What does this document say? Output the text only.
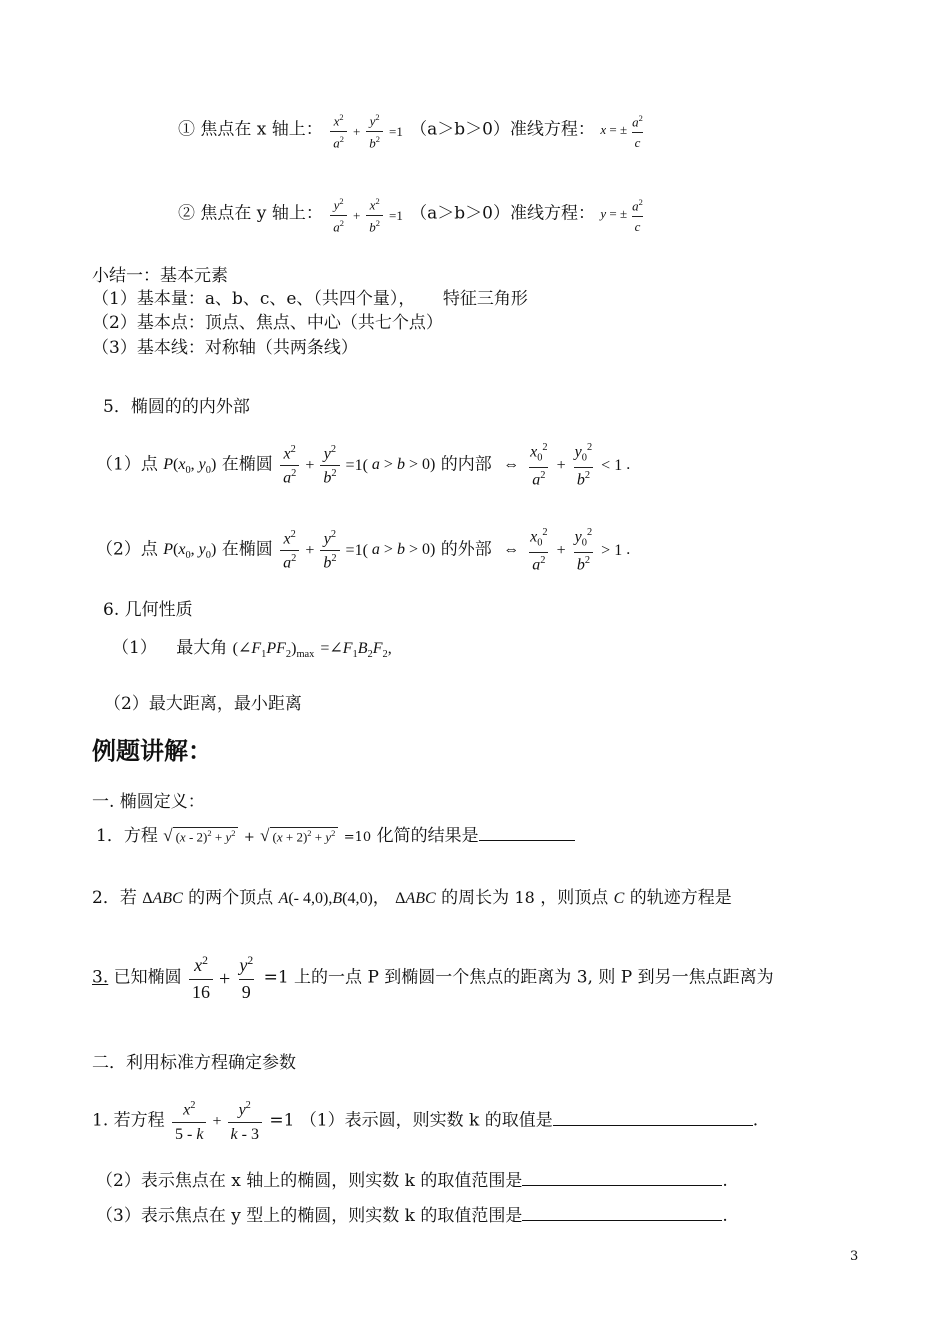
① 焦点在 x 轴上： $\frac{x^2}{a^2} + \frac{y^2}{b^2} =1$ （a＞b＞0）准线方程： x = ± $\frac{a^2}{c}$
② 焦点在 y 轴上： $\frac{y^2}{a^2} + \frac{x^2}{b^2} =1$ （a＞b＞0）准线方程： y = ± $\frac{a^2}{c}$
小结一：基本元素
（1）基本量：a、b、c、e、（共四个量）， 特征三角形
（2）基本点：顶点、焦点、中心（共七个点）
（3）基本线：对称轴（共两条线）
5．椭圆的的内外部
（1）点 $P(x_0$, $y_0$) 在椭圆 $\frac{x^2}{a^2} + \frac{y^2}{b^2} =1$( a > b > 0) 的内部 ⇔ $\frac{x_0^2}{a^2} + \frac{y_0^2}{b^2} < 1$ .
（2）点 $P(x_0$, $y_0$) 在椭圆 $\frac{x^2}{a^2} + \frac{y^2}{b^2} =1$( a > b > 0) 的外部 ⇔ $\frac{x_0^2}{a^2} + \frac{y_0^2}{b^2} > 1$ .
6. 几何性质
（1） 最大角 $(\angle F_1PF_2)_{max}$ $=\angle F_1B_2F_2$,
（2）最大距离，最小距离
例题讲解：
一. 椭圆定义：
1．方程 √ $(x - 2)^2 + y^2$ + √ $(x + 2)^2 + y^2 =10$ 化简的结果是
2．若 ΔABC 的两个顶点 A(- 4,0),B(4,0)， ΔABC 的周长为 18 ，则顶点 C 的轨迹方程是
3. 已知椭圆 $\frac{x^2}{16} + \frac{y^2}{9} =1$ 上的一点 P 到椭圆一个焦点的距离为 3, 则 P 到另一焦点距离为
二．利用标准方程确定参数
1. 若方程 $\frac{x^2}{5 - k} + \frac{y^2}{k - 3} =1$ （1）表示圆，则实数 k 的取值是	.
（2）表示焦点在 x 轴上的椭圆，则实数 k 的取值范围是	.
（3）表示焦点在 y 型上的椭圆，则实数 k 的取值范围是	.
3
